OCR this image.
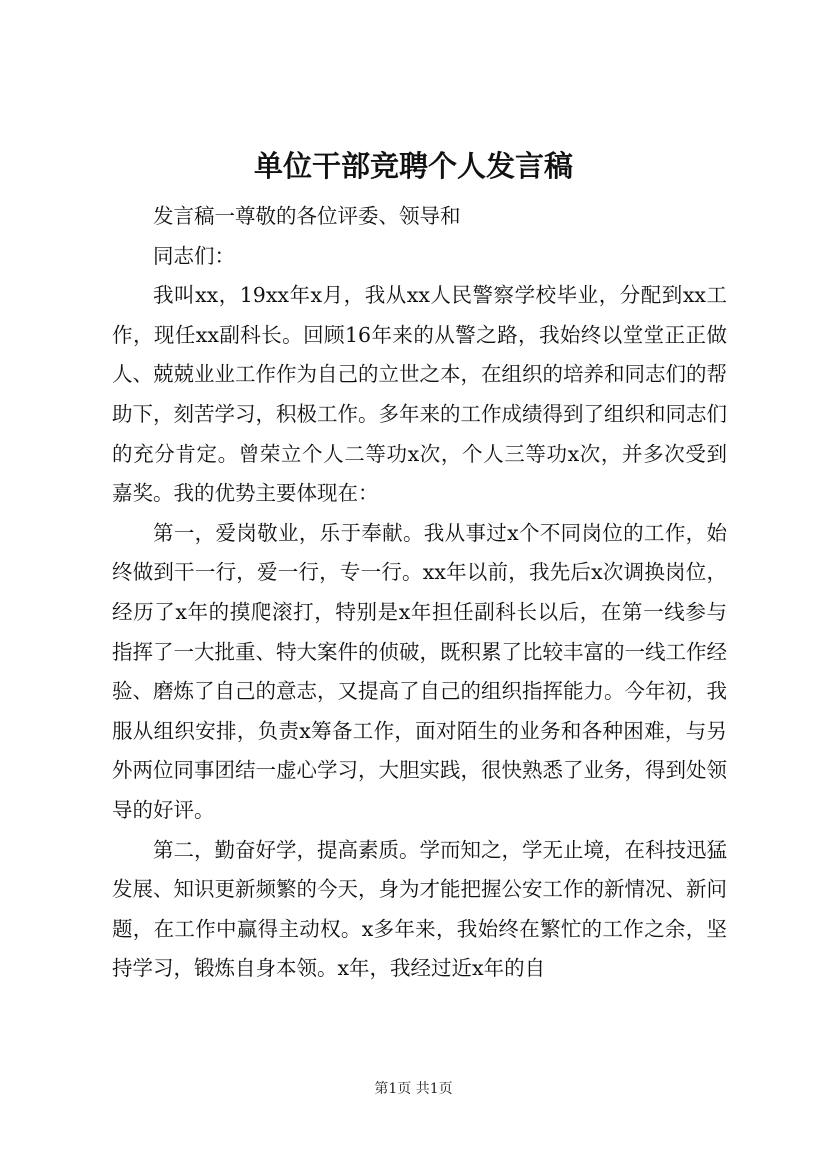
单位干部竞聘个人发言稿

发言稿一尊敬的各位评委、领导和

同志们：

我叫xx，19xx年x月，我从xx人民警察学校毕业，分配到xx工作，现任xx副科长。回顾16年来的从警之路，我始终以堂堂正正做人、兢兢业业工作作为自己的立世之本，在组织的培养和同志们的帮助下，刻苦学习，积极工作。多年来的工作成绩得到了组织和同志们的充分肯定。曾荣立个人二等功x次，个人三等功x次，并多次受到嘉奖。我的优势主要体现在：

第一，爱岗敬业，乐于奉献。我从事过x个不同岗位的工作，始终做到干一行，爱一行，专一行。xx年以前，我先后x次调换岗位，经历了x年的摸爬滚打，特别是x年担任副科长以后，在第一线参与指挥了一大批重、特大案件的侦破，既积累了比较丰富的一线工作经验、磨炼了自己的意志，又提高了自己的组织指挥能力。今年初，我服从组织安排，负责x筹备工作，面对陌生的业务和各种困难，与另外两位同事团结一虚心学习，大胆实践，很快熟悉了业务，得到处领导的好评。

第二，勤奋好学，提高素质。学而知之，学无止境，在科技迅猛发展、知识更新频繁的今天，身为才能把握公安工作的新情况、新问题，在工作中赢得主动权。x多年来，我始终在繁忙的工作之余，坚持学习，锻炼自身本领。x年，我经过近x年的自

第1页 共1页
